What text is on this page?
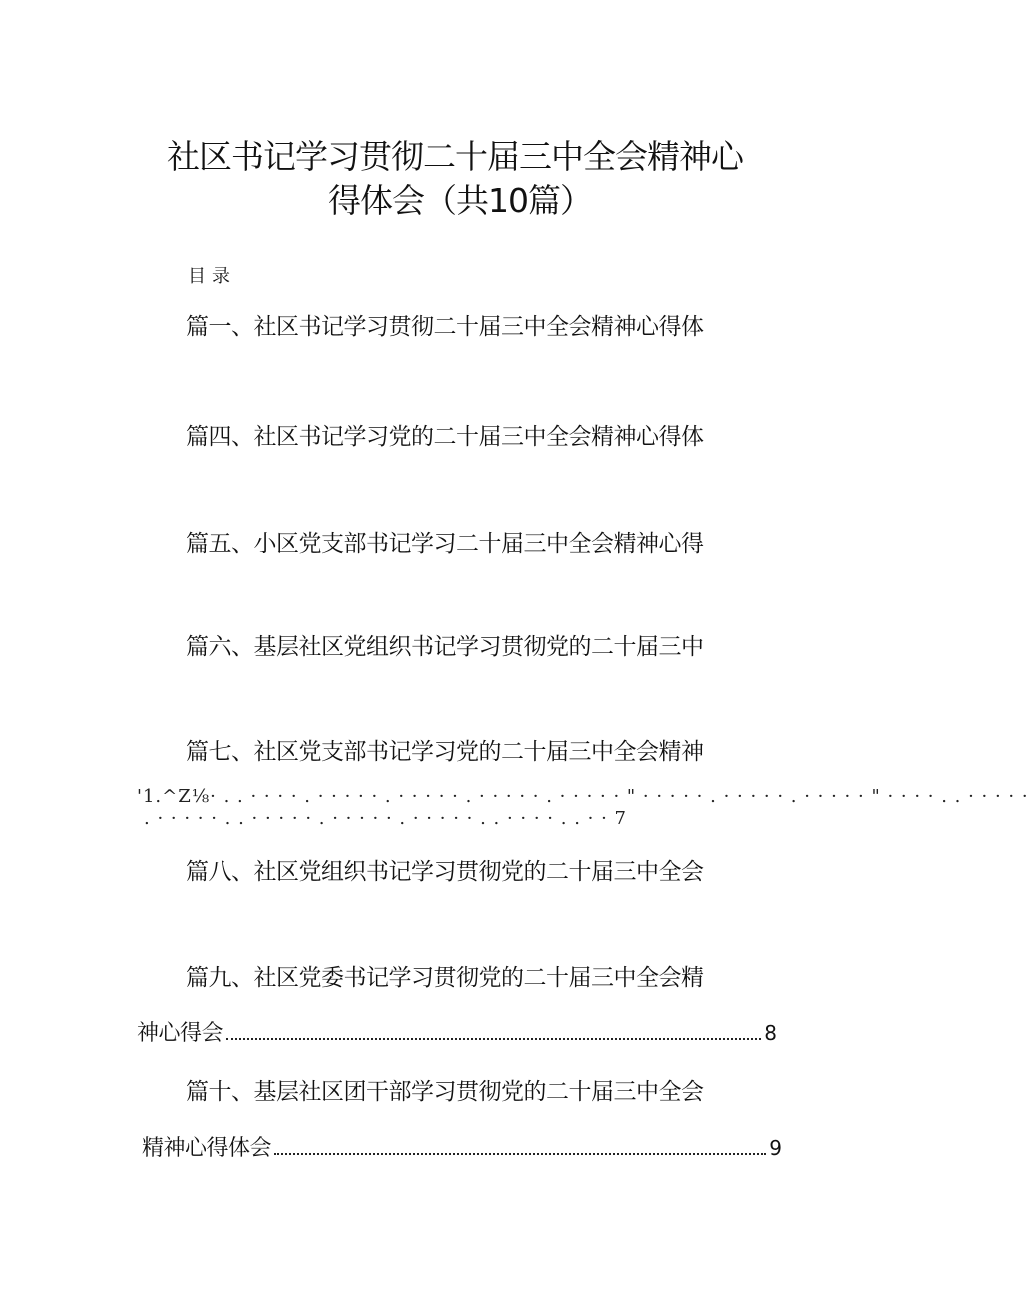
社区书记学习贯彻二十届三中全会精神心
得体会（共10篇）
目录
篇一、社区书记学习贯彻二十届三中全会精神心得体
篇四、社区书记学习党的二十届三中全会精神心得体
篇五、小区党支部书记学习二十届三中全会精神心得
篇六、基层社区党组织书记学习贯彻党的二十届三中
篇七、社区党支部书记学习党的二十届三中全会精神
'1.^Z⅛· . . · · · · . · · · · · . · · · · · . · · · · · . · · · · · " · · · · · . · · · · · . · · · · · " · · · · . . · · · · ·
. · · · · · . . · · · · · . · · · · · . · · · · · . . · · · · . . · · 7
篇八、社区党组织书记学习贯彻党的二十届三中全会
篇九、社区党委书记学习贯彻党的二十届三中全会精
神心得会	8
篇十、基层社区团干部学习贯彻党的二十届三中全会
精神心得体会	9
